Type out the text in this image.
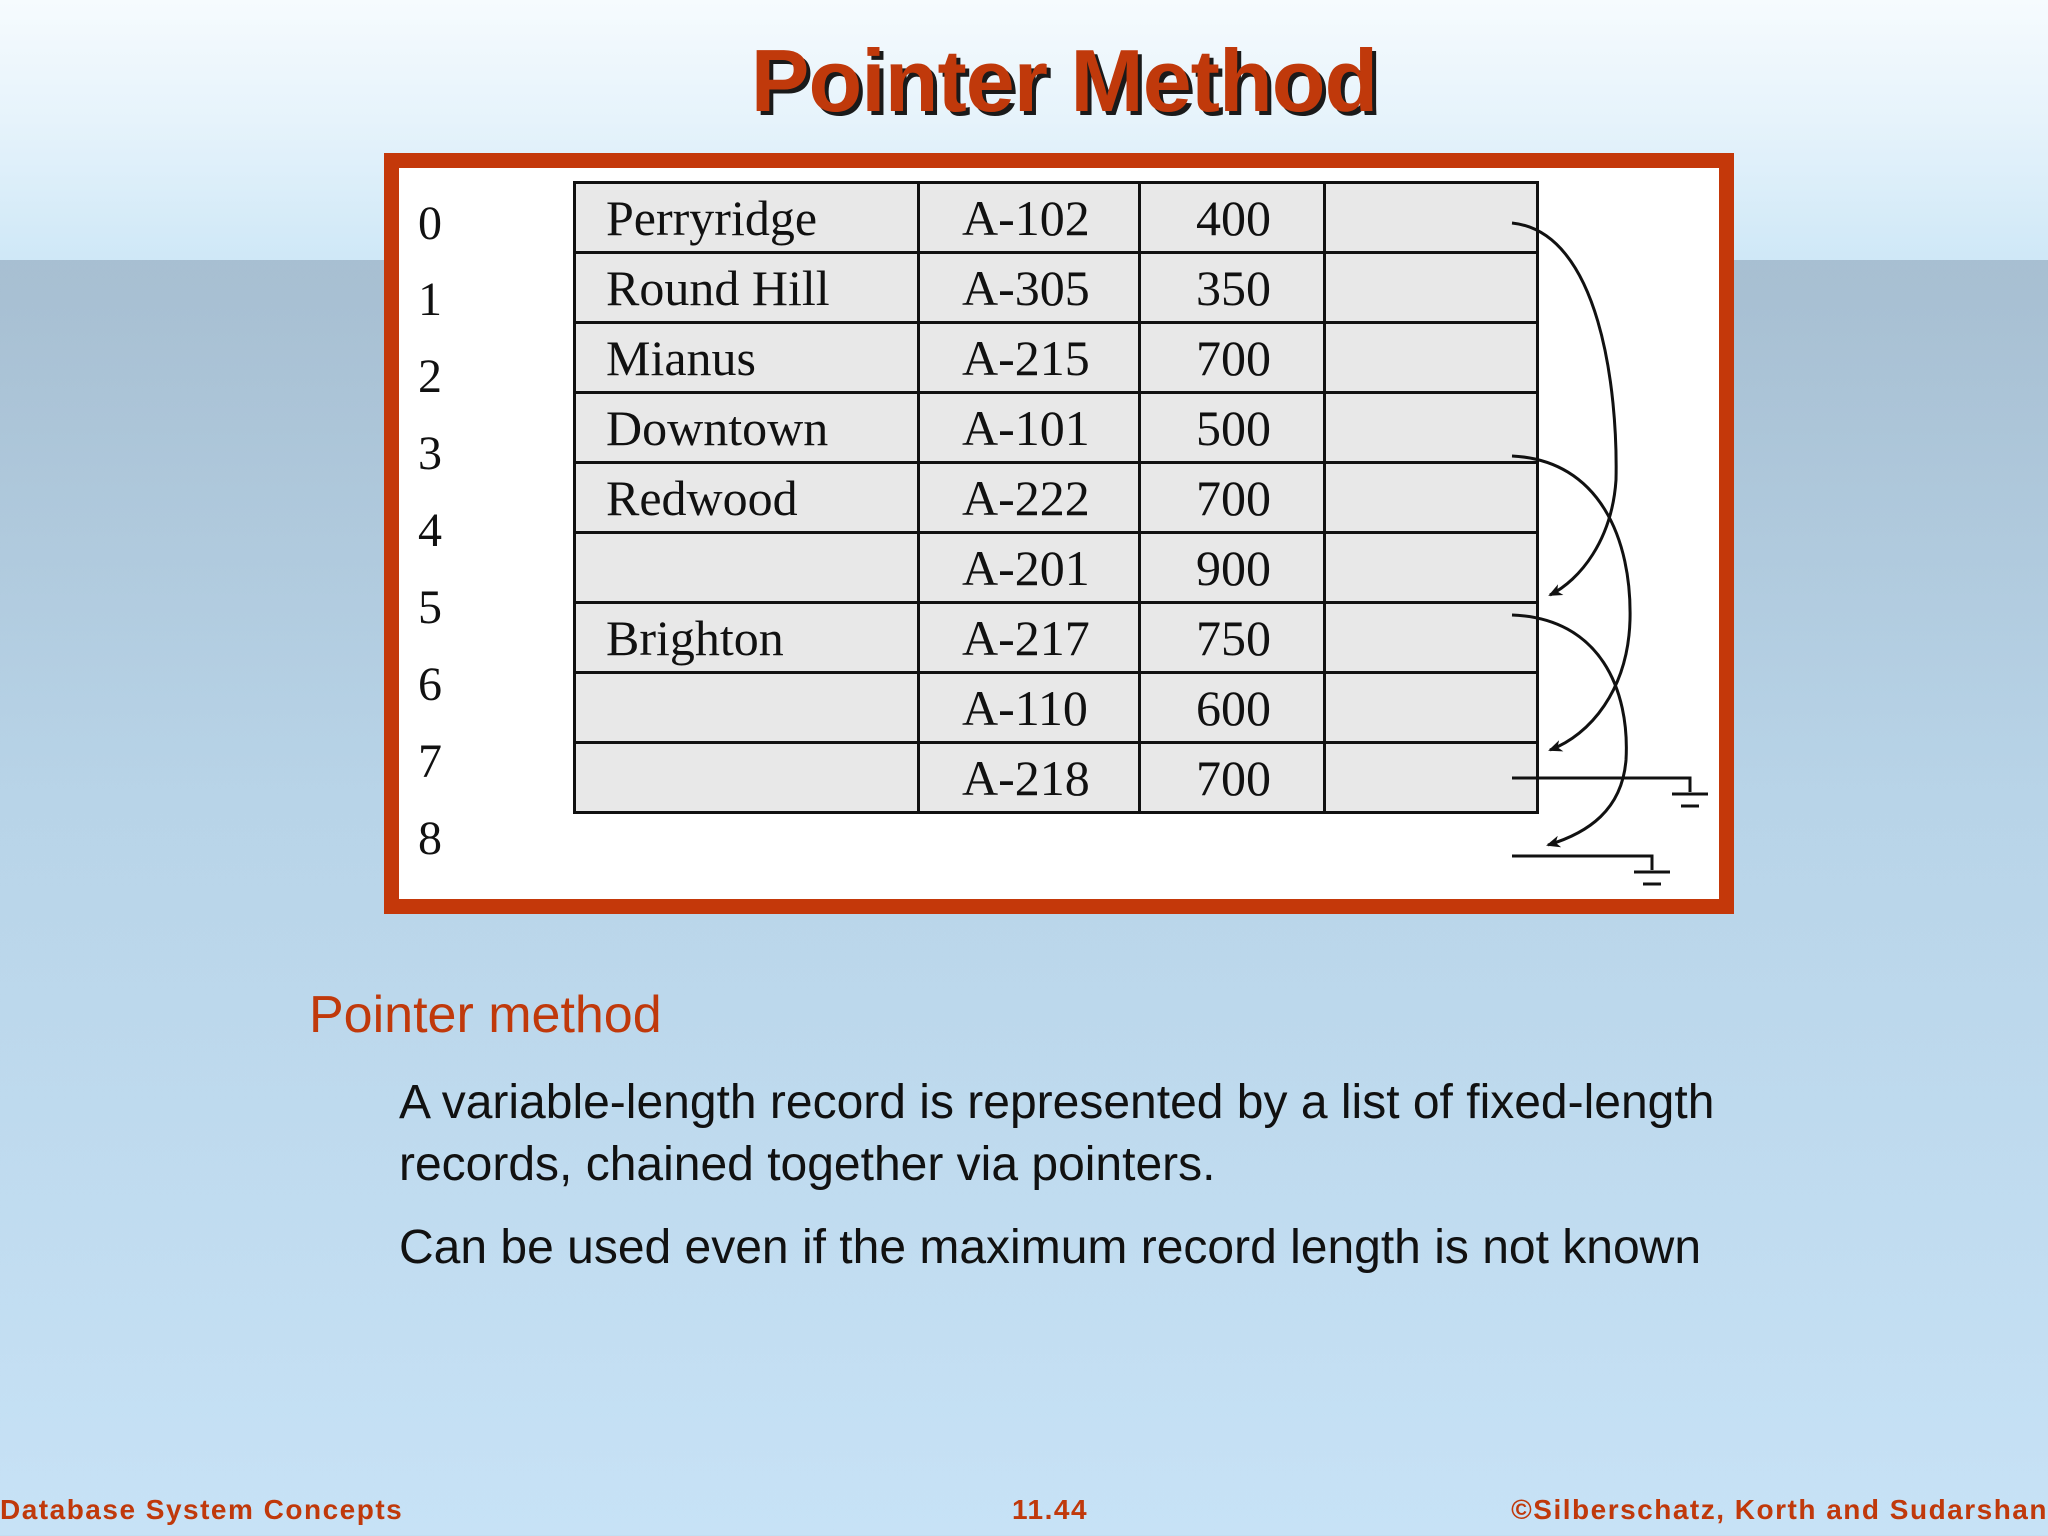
Pointer Method
0
1
2
3
4
5
6
7
8
Perryridge	A-102	400	
Round Hill	A-305	350	
Mianus	A-215	700	
Downtown	A-101	500	
Redwood	A-222	700	
	A-201	900	
Brighton	A-217	750	
	A-110	600	
	A-218	700	
Pointer method
A variable-length record is represented by a list of fixed-length records, chained together via pointers.
Can be used even if the maximum record length is not known
Database System Concepts	11.44	©Silberschatz, Korth and Sudarshan
